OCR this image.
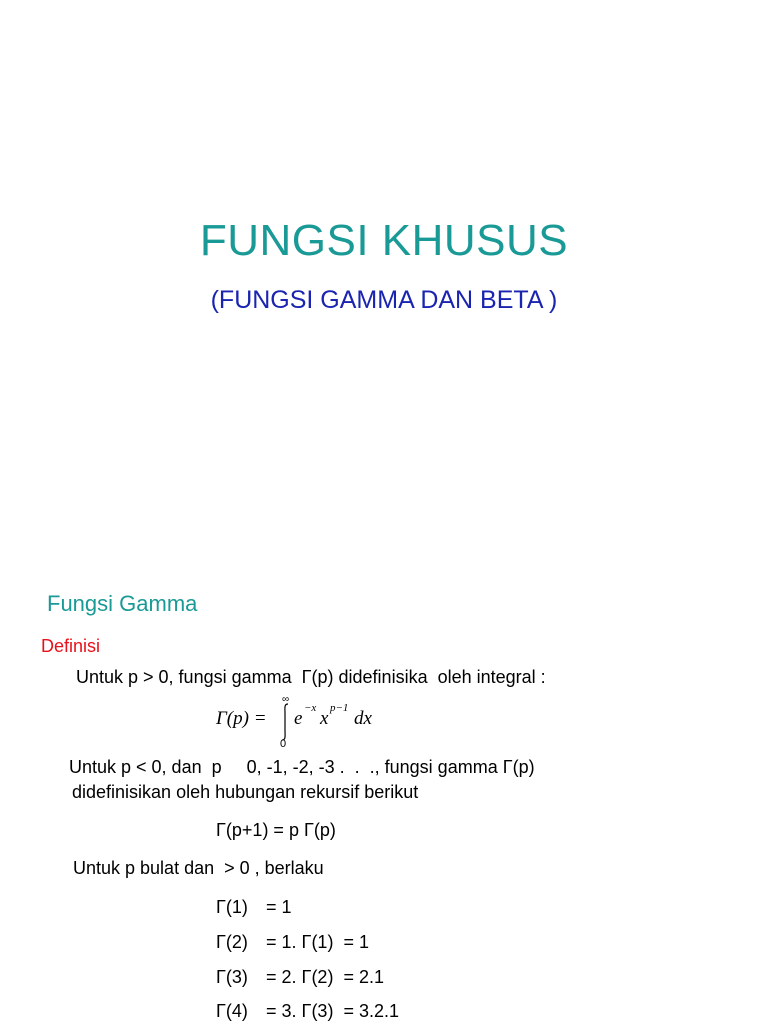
FUNGSI KHUSUS
(FUNGSI GAMMA DAN BETA )
Fungsi Gamma
Definisi
Untuk p > 0, fungsi gamma  Γ(p) didefinisika  oleh integral :
Γ(p) =
∞
0
e −x x p−1 dx
Untuk p < 0, dan  p     0, -1, -2, -3 .  .  ., fungsi gamma Γ(p)
didefinisikan oleh hubungan rekursif berikut
Γ(p+1) = p Γ(p)
Untuk p bulat dan  > 0 , berlaku
Γ(1) = 1
Γ(2) = 1. Γ(1)  = 1
Γ(3) = 2. Γ(2)  = 2.1
Γ(4) = 3. Γ(3)  = 3.2.1
